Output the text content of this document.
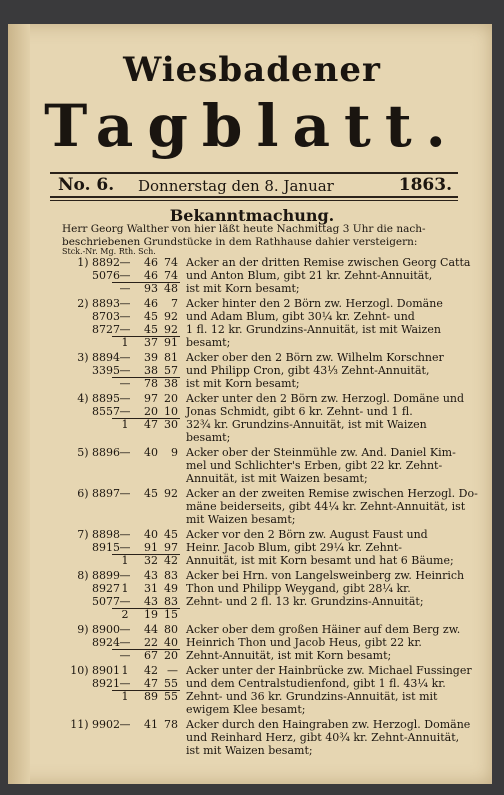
Wiesbadener
Tagblatt.
No. 6. Donnerstag den 8. Januar	1863.
Bekanntmachung.
Herr Georg Walther von hier läßt heute Nachmittag 3 Uhr die nach-
beschriebenen Grundstücke in dem Rathhause dahier versteigern:
Stck.-Nr. Mg. Rth. Sch.
1) 8892 —	46 74
5076 —	46 74
—	93 48
Acker an der dritten Remise zwischen Georg Catta
und Anton Blum, gibt 21 kr. Zehnt-Annuität,
ist mit Korn besamt;
2) 8893 —	46	7
8703 —	45 92
8727 —	45 92
1	37 91
Acker hinter den 2 Börn zw. Herzogl. Domäne
und Adam Blum, gibt 30¼ kr. Zehnt- und
1 fl. 12 kr. Grundzins-Annuität, ist mit Waizen
besamt;
3) 8894 —	39 81
3395 —	38 57
—	78 38
Acker ober den 2 Börn zw. Wilhelm Korschner
und Philipp Cron, gibt 43⅓ Zehnt-Annuität,
ist mit Korn besamt;
4) 8895 —	97 20
8557 —	20 10
1	47 30
Acker unter den 2 Börn zw. Herzogl. Domäne und
Jonas Schmidt, gibt 6 kr. Zehnt- und 1 fl.
32¾ kr. Grundzins-Annuität, ist mit Waizen
besamt;
5) 8896 —	40	9 Acker ober der Steinmühle zw. And. Daniel Kim-
mel und Schlichter's Erben, gibt 22 kr. Zehnt-
Annuität, ist mit Waizen besamt;
6) 8897 —	45 92 Acker an der zweiten Remise zwischen Herzogl. Do-
mäne beiderseits, gibt 44¼ kr. Zehnt-Annuität, ist
mit Waizen besamt;
7) 8898 —	40 45
8915 —	91 97
1	32 42
Acker vor den 2 Börn zw. August Faust und
Heinr. Jacob Blum, gibt 29¼ kr. Zehnt-
Annuität, ist mit Korn besamt und hat 6 Bäume;
8) 8899 —	43 83
8927 1	31 49
5077 —	43 83
2	19 15
Acker bei Hrn. von Langelsweinberg zw. Heinrich
Thon und Philipp Weygand, gibt 28¼ kr.
Zehnt- und 2 fl. 13 kr. Grundzins-Annuität;
9) 8900 —	44 80
8924 —	22 40
—	67 20
Acker ober dem großen Häiner auf dem Berg zw.
Heinrich Thon und Jacob Heus, gibt 22 kr.
Zehnt-Annuität, ist mit Korn besamt;
10) 8901 1	42 —
8921 —	47 55
1	89 55
Acker unter der Hainbrücke zw. Michael Fussinger
und dem Centralstudienfond, gibt 1 fl. 43¼ kr.
Zehnt- und 36 kr. Grundzins-Annuität, ist mit
ewigem Klee besamt;
11) 9902 —	41 78 Acker durch den Haingraben zw. Herzogl. Domäne
und Reinhard Herz, gibt 40¾ kr. Zehnt-Annuität,
ist mit Waizen besamt;
